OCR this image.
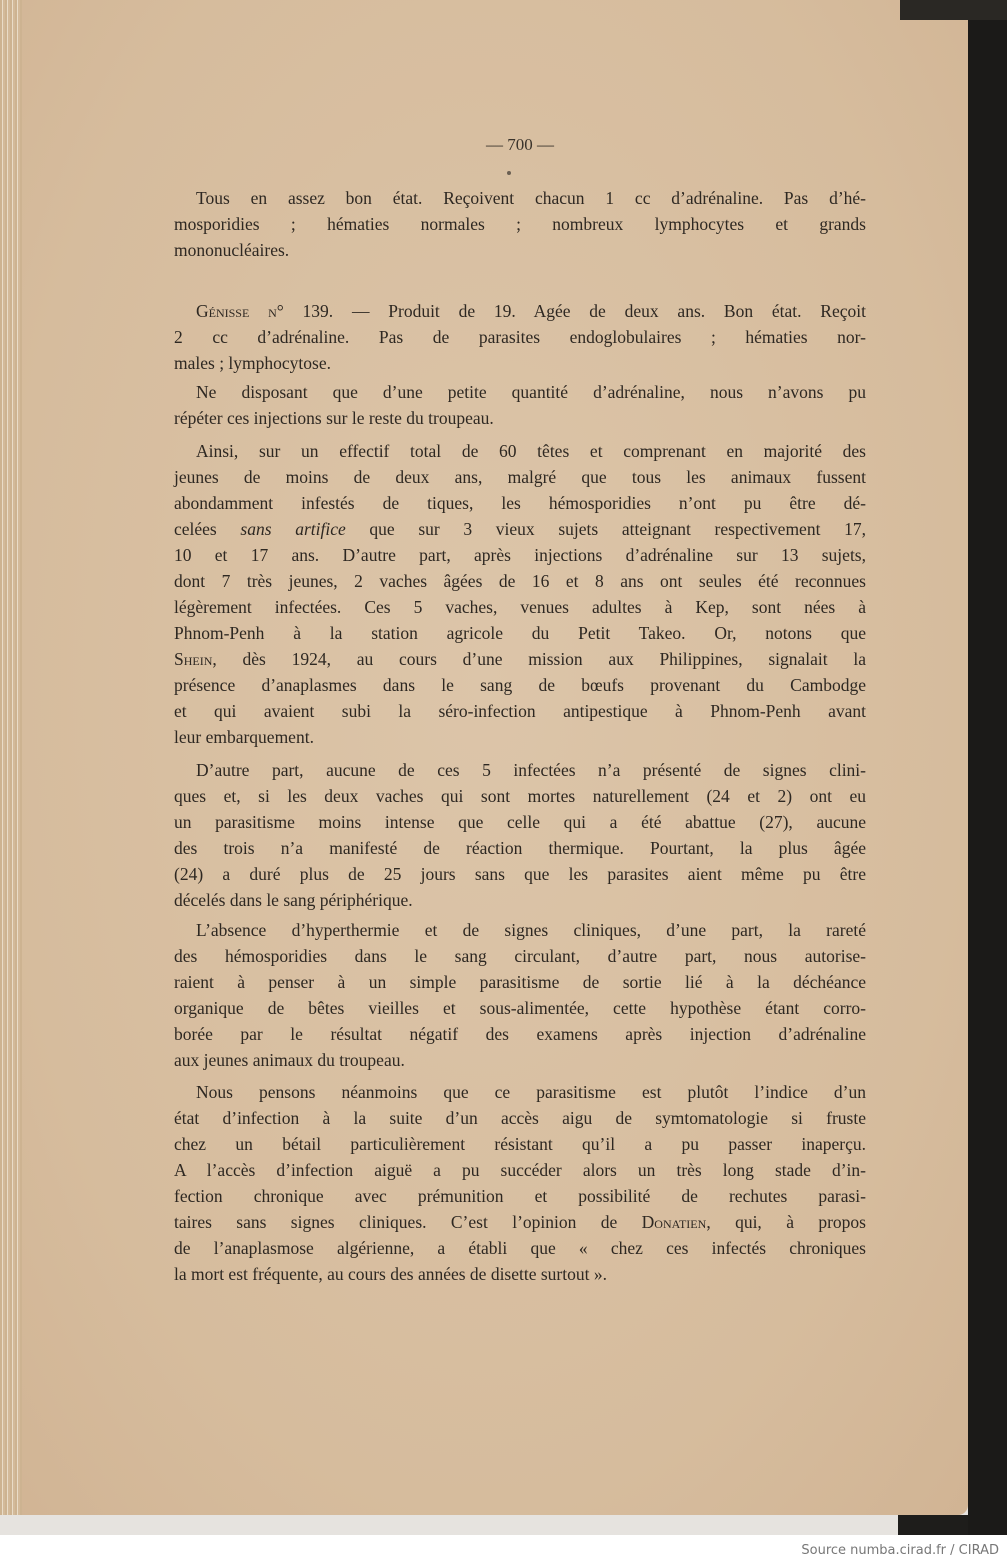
— 700 —
Tous en assez bon état. Reçoivent chacun 1 cc d’adrénaline. Pas d’hé-
mosporidies ; hématies normales ; nombreux lymphocytes et grands
mononucléaires.
Génisse n° 139. — Produit de 19. Agée de deux ans. Bon état. Reçoit
2 cc d’adrénaline. Pas de parasites endoglobulaires ; hématies nor-
males ; lymphocytose.
Ne disposant que d’une petite quantité d’adrénaline, nous n’avons pu
répéter ces injections sur le reste du troupeau.
Ainsi, sur un effectif total de 60 têtes et comprenant en majorité des
jeunes de moins de deux ans, malgré que tous les animaux fussent
abondamment infestés de tiques, les hémosporidies n’ont pu être dé-
celées sans artifice que sur 3 vieux sujets atteignant respectivement 17,
10 et 17 ans. D’autre part, après injections d’adrénaline sur 13 sujets,
dont 7 très jeunes, 2 vaches âgées de 16 et 8 ans ont seules été reconnues
légèrement infectées. Ces 5 vaches, venues adultes à Kep, sont nées à
Phnom-Penh à la station agricole du Petit Takeo. Or, notons que
Shein, dès 1924, au cours d’une mission aux Philippines, signalait la
présence d’anaplasmes dans le sang de bœufs provenant du Cambodge
et qui avaient subi la séro-infection antipestique à Phnom-Penh avant
leur embarquement.
D’autre part, aucune de ces 5 infectées n’a présenté de signes clini-
ques et, si les deux vaches qui sont mortes naturellement (24 et 2) ont eu
un parasitisme moins intense que celle qui a été abattue (27), aucune
des trois n’a manifesté de réaction thermique. Pourtant, la plus âgée
(24) a duré plus de 25 jours sans que les parasites aient même pu être
décelés dans le sang périphérique.
L’absence d’hyperthermie et de signes cliniques, d’une part, la rareté
des hémosporidies dans le sang circulant, d’autre part, nous autorise-
raient à penser à un simple parasitisme de sortie lié à la déchéance
organique de bêtes vieilles et sous-alimentée, cette hypothèse étant corro-
borée par le résultat négatif des examens après injection d’adrénaline
aux jeunes animaux du troupeau.
Nous pensons néanmoins que ce parasitisme est plutôt l’indice d’un
état d’infection à la suite d’un accès aigu de symtomatologie si fruste
chez un bétail particulièrement résistant qu’il a pu passer inaperçu.
A l’accès d’infection aiguë a pu succéder alors un très long stade d’in-
fection chronique avec prémunition et possibilité de rechutes parasi-
taires sans signes cliniques. C’est l’opinion de Donatien, qui, à propos
de l’anaplasmose algérienne, a établi que « chez ces infectés chroniques
la mort est fréquente, au cours des années de disette surtout ».
Source numba.cirad.fr / CIRAD
